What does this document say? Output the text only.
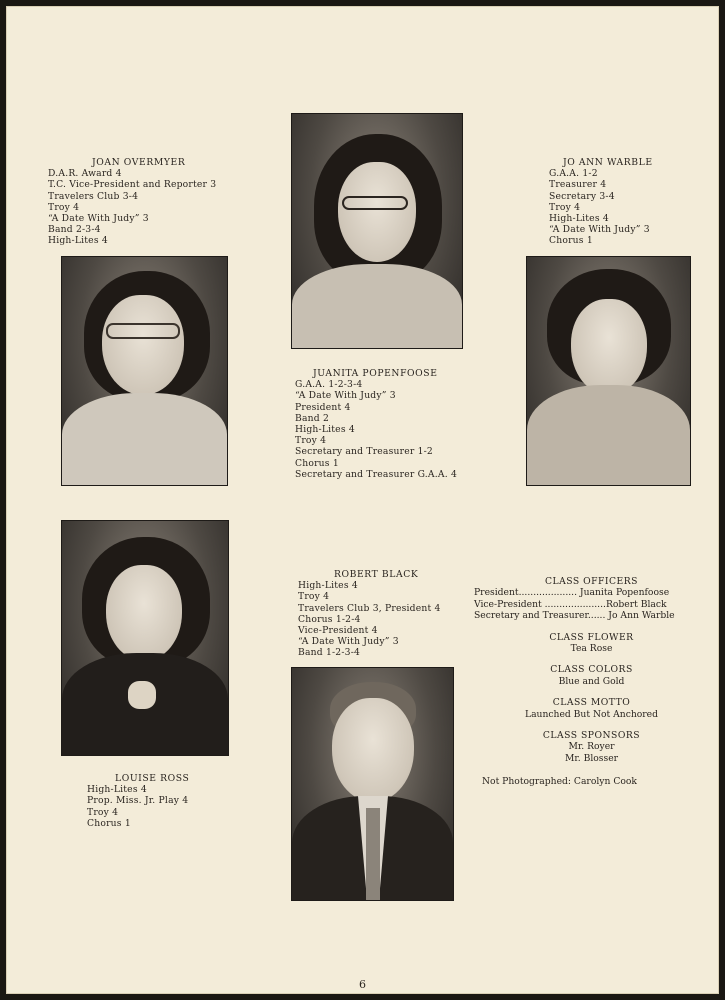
JOAN OVERMYER
D.A.R. Award 4
T.C. Vice-President and Reporter 3
Travelers Club 3-4
Troy 4
“A Date With Judy” 3
Band 2-3-4
High-Lites 4
JO ANN WARBLE
G.A.A. 1-2
Treasurer 4
Secretary 3-4
Troy 4
High-Lites 4
“A Date With Judy” 3
Chorus 1
JUANITA POPENFOOSE
G.A.A. 1-2-3-4
“A Date With Judy” 3
President 4
Band 2
High-Lites 4
Troy 4
Secretary and Treasurer 1-2
Chorus 1
Secretary and Treasurer G.A.A. 4
ROBERT BLACK
High-Lites 4
Troy 4
Travelers Club 3, President 4
Chorus 1-2-4
Vice-President 4
“A Date With Judy” 3
Band 1-2-3-4
LOUISE ROSS
High-Lites 4
Prop. Miss. Jr. Play 4
Troy 4
Chorus 1
CLASS OFFICERS
President.................... Juanita Popenfoose
Vice-President .....................Robert Black
Secretary and Treasurer...... Jo Ann Warble
CLASS FLOWER
Tea Rose
CLASS COLORS
Blue and Gold
CLASS MOTTO
Launched But Not Anchored
CLASS SPONSORS
Mr. Royer
Mr. Blosser
Not Photographed: Carolyn Cook
6
